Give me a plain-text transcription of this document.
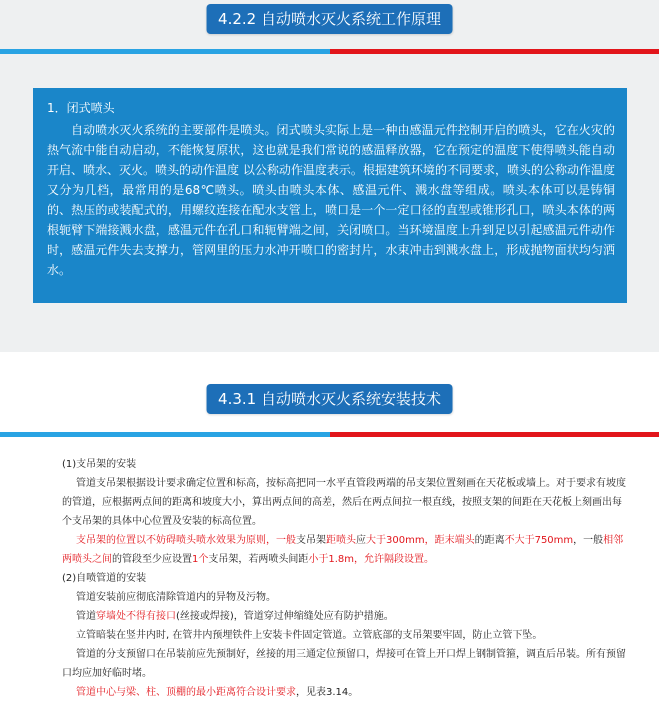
4.2.2 自动喷水灭火系统工作原理

1．闭式喷头

自动喷水灭火系统的主要部件是喷头。闭式喷头实际上是一种由感温元件控制开启的喷头，它在火灾的热气流中能自动启动，不能恢复原状，这也就是我们常说的感温释放器，它在预定的温度下使得喷头能自动开启、喷水、灭火。喷头的动作温度 以公称动作温度表示。根据建筑环境的不同要求，喷头的公称动作温度又分为几档，最常用的是68℃喷头。喷头由喷头本体、感温元件、溅水盘等组成。喷头本体可以是铸铜的、热压的或装配式的，用螺纹连接在配水支管上，喷口是一个一定口径的直型或锥形孔口，喷头本体的两根轭臂下端接溅水盘，感温元件在孔口和轭臂端之间，关闭喷口。当环境温度上升到足以引起感温元件动作时，感温元件失去支撑力，管网里的压力水冲开喷口的密封片，水束冲击到溅水盘上，形成抛物面状均匀洒水。

4.3.1 自动喷水灭火系统安装技术

(1)支吊架的安装

管道支吊架根据设计要求确定位置和标高，按标高把同一水平直管段两端的吊支架位置刻画在天花板或墙上。对于要求有坡度的管道，应根据两点间的距离和坡度大小，算出两点间的高差，然后在两点间拉一根直线，按照支架的间距在天花板上刻画出每个支吊架的具体中心位置及安装的标高位置。

支吊架的位置以不妨碍喷头喷水效果为原则，一般支吊架距喷头应大于300mm，距末端头的距离不大于750mm，一般相邻两喷头之间的管段至少应设置1个支吊架，若两喷头间距小于1.8m，允许隔段设置。

(2)自喷管道的安装

管道安装前应彻底清除管道内的异物及污物。

管道穿墙处不得有接口(丝接或焊接)，管道穿过伸缩缝处应有防护措施。

立管暗装在竖井内时, 在管井内预埋铁件上安装卡件固定管道。立管底部的支吊架要牢固，防止立管下坠。

管道的分支预留口在吊装前应先预制好，丝接的用三通定位预留口，焊接可在管上开口焊上钢制管箍，调直后吊装。所有预留口均应加好临时堵。

管道中心与梁、柱、顶棚的最小距离符合设计要求，见表3.14。
